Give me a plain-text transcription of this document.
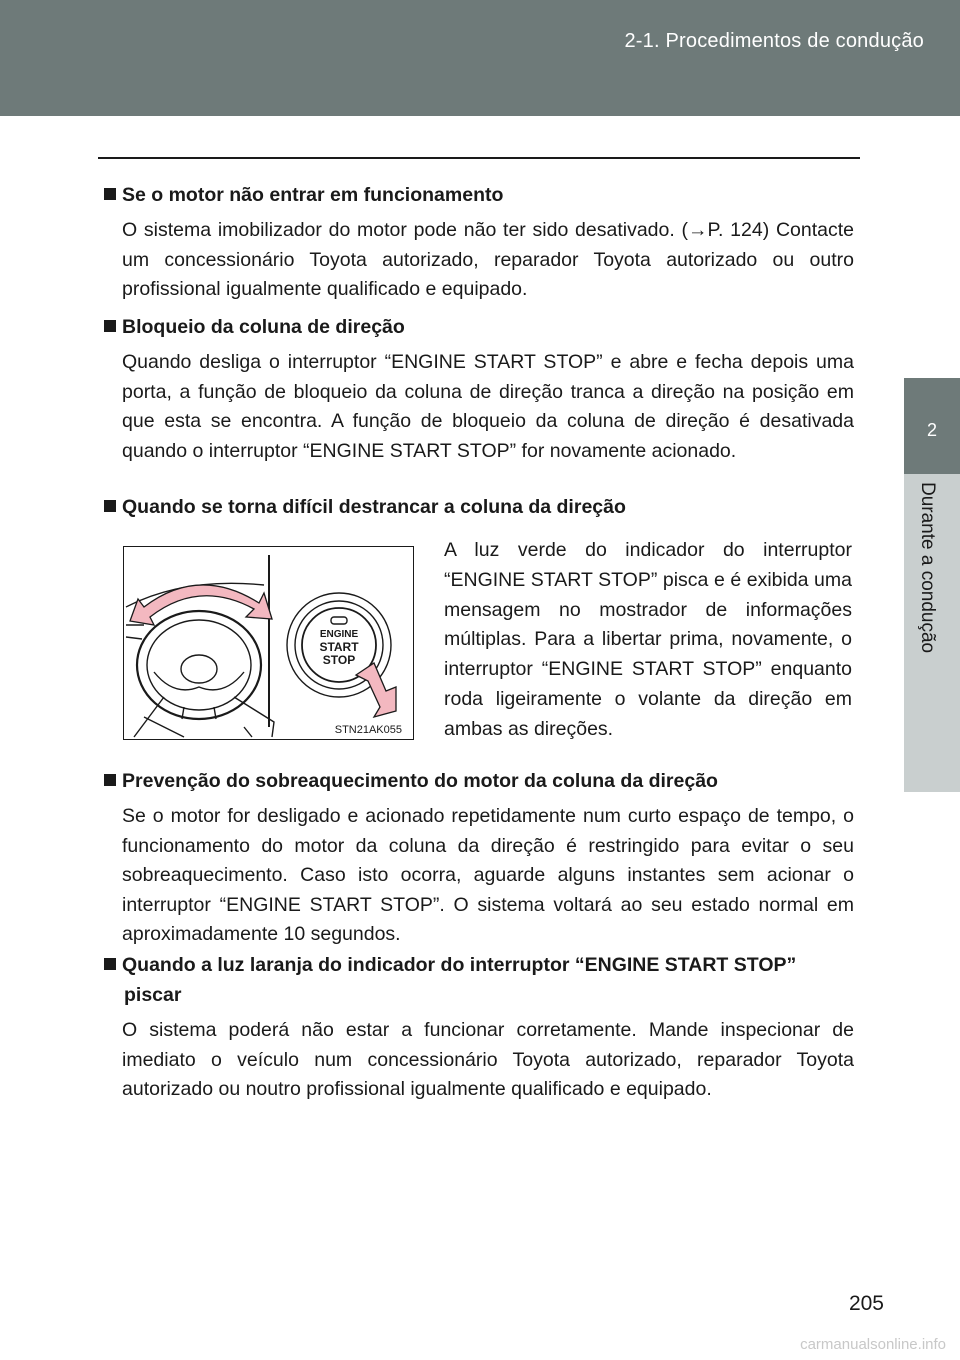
2-1. Procedimentos de condução
2
Durante a condução

Se o motor não entrar em funcionamento

O sistema imobilizador do motor pode não ter sido desativado. (→P. 124) Contacte um concessionário Toyota autorizado, reparador Toyota autorizado ou outro profissional igualmente qualificado e equipado.

Bloqueio da coluna de direção

Quando desliga o interruptor “ENGINE START STOP” e abre e fecha depois uma porta, a função de bloqueio da coluna de direção tranca a direção na posição em que esta se encontra. A função de bloqueio da coluna de direção é desativada quando o interruptor “ENGINE START STOP” for novamente acionado.

Quando se torna difícil destrancar a coluna da direção

ENGINE
START
STOP
STN21AK055

A luz verde do indicador do interruptor “ENGINE START STOP” pisca e é exibida uma mensagem no mostrador de informações múltiplas. Para a libertar prima, novamente, o interruptor “ENGINE START STOP” enquanto roda ligeiramente o volante da direção em ambas as direções.

Prevenção do sobreaquecimento do motor da coluna da direção

Se o motor for desligado e acionado repetidamente num curto espaço de tempo, o funcionamento do motor da coluna da direção é restringido para evitar o seu sobreaquecimento. Caso isto ocorra, aguarde alguns instantes sem acionar o interruptor “ENGINE START STOP”. O sistema voltará ao seu estado normal em aproximadamente 10 segundos.

Quando a luz laranja do indicador do interruptor “ENGINE START STOP” piscar

O sistema poderá não estar a funcionar corretamente. Mande inspecionar de imediato o veículo num concessionário Toyota autorizado, reparador Toyota autorizado ou noutro profissional igualmente qualificado e equipado.

205
carmanualsonline.info
